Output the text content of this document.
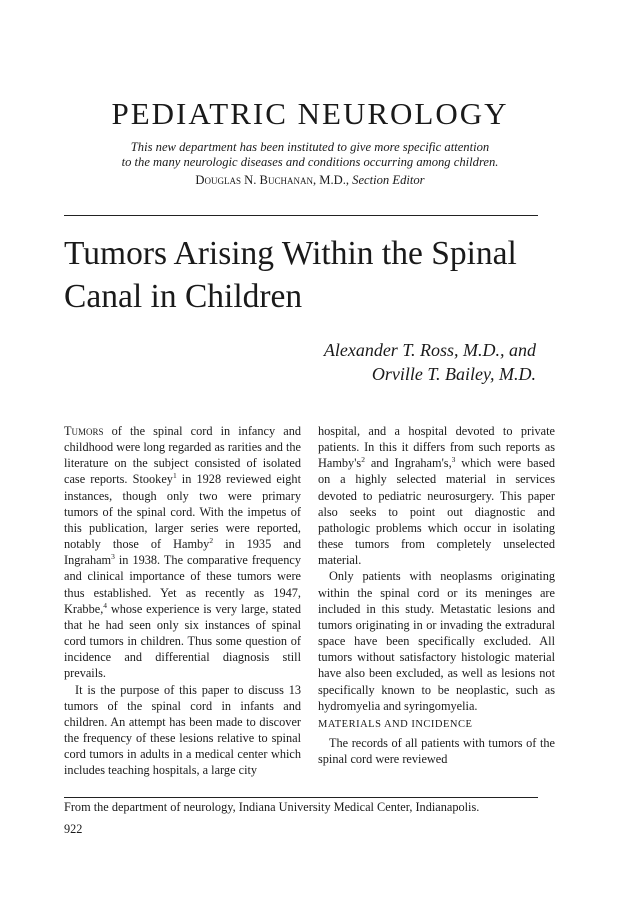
PEDIATRIC NEUROLOGY
This new department has been instituted to give more specific attention
to the many neurologic diseases and conditions occurring among children.
Douglas N. Buchanan, M.D., Section Editor
Tumors Arising Within the Spinal
Canal in Children
Alexander T. Ross, M.D., and
Orville T. Bailey, M.D.

Tumors of the spinal cord in infancy and childhood were long regarded as rarities and the literature on the subject consisted of isolated case reports. Stookey$^1$ in 1928 reviewed eight instances, though only two were primary tumors of the spinal cord. With the impetus of this publication, larger series were reported, notably those of Hamby$^2$ in 1935 and Ingraham$^3$ in 1938. The comparative frequency and clinical importance of these tumors were thus established. Yet as recently as 1947, Krabbe,$^4$ whose experience is very large, stated that he had seen only six instances of spinal cord tumors in children. Thus some question of incidence and differential diagnosis still prevails.

It is the purpose of this paper to discuss 13 tumors of the spinal cord in infants and children. An attempt has been made to discover the frequency of these lesions relative to spinal cord tumors in adults in a medical center which includes teaching hospitals, a large city

hospital, and a hospital devoted to private patients. In this it differs from such reports as $Hamby's^2$ and Ingraham's,$^3$ which were based on a highly selected material in services devoted to pediatric neurosurgery. This paper also seeks to point out diagnostic and pathologic problems which occur in isolating these tumors from completely unselected material.

Only patients with neoplasms originating within the spinal cord or its meninges are included in this study. Metastatic lesions and tumors originating in or invading the extradural space have been specifically excluded. All tumors without satisfactory histologic material have also been excluded, as well as lesions not specifically known to be neoplastic, such as hydromyelia and syringomyelia.

MATERIALS AND INCIDENCE

The records of all patients with tumors of the spinal cord were reviewed

From the department of neurology, Indiana University Medical Center, Indianapolis.
922
